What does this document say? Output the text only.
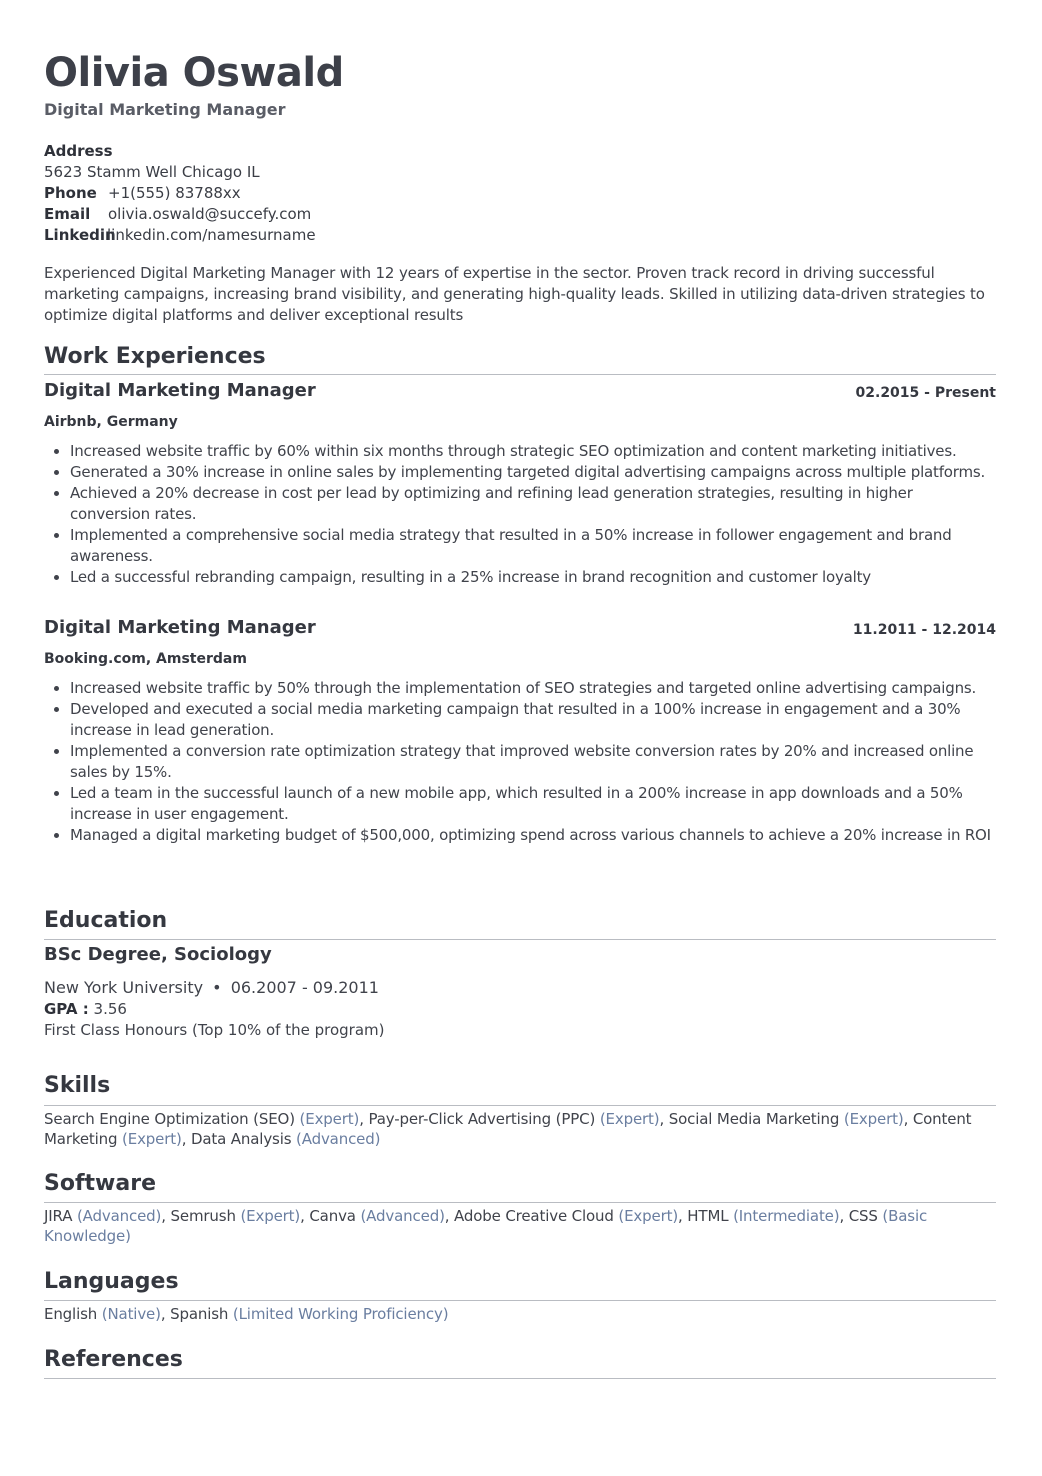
Olivia Oswald
Digital Marketing Manager
Address
5623 Stamm Well Chicago IL
Phone +1(555) 83788xx
Email olivia.oswald@succefy.com
Linkedinlinkedin.com/namesurname
Experienced Digital Marketing Manager with 12 years of expertise in the sector. Proven track record in driving successful marketing campaigns, increasing brand visibility, and generating high-quality leads. Skilled in utilizing data-driven strategies to optimize digital platforms and deliver exceptional results
Work Experiences
Digital Marketing Manager	02.2015 - Present
Airbnb, Germany
• Increased website traffic by 60% within six months through strategic SEO optimization and content marketing initiatives.
• Generated a 30% increase in online sales by implementing targeted digital advertising campaigns across multiple platforms.
• Achieved a 20% decrease in cost per lead by optimizing and refining lead generation strategies, resulting in higher conversion rates.
• Implemented a comprehensive social media strategy that resulted in a 50% increase in follower engagement and brand awareness.
• Led a successful rebranding campaign, resulting in a 25% increase in brand recognition and customer loyalty
Digital Marketing Manager	11.2011 - 12.2014
Booking.com, Amsterdam
• Increased website traffic by 50% through the implementation of SEO strategies and targeted online advertising campaigns.
• Developed and executed a social media marketing campaign that resulted in a 100% increase in engagement and a 30% increase in lead generation.
• Implemented a conversion rate optimization strategy that improved website conversion rates by 20% and increased online sales by 15%.
• Led a team in the successful launch of a new mobile app, which resulted in a 200% increase in app downloads and a 50% increase in user engagement.
• Managed a digital marketing budget of $500,000, optimizing spend across various channels to achieve a 20% increase in ROI
Education
BSc Degree, Sociology
New York University • 06.2007 - 09.2011
GPA : 3.56
First Class Honours (Top 10% of the program)
Skills
Search Engine Optimization (SEO) (Expert), Pay-per-Click Advertising (PPC) (Expert), Social Media Marketing (Expert), Content Marketing (Expert), Data Analysis (Advanced)
Software
JIRA (Advanced), Semrush (Expert), Canva (Advanced), Adobe Creative Cloud (Expert), HTML (Intermediate), CSS (Basic Knowledge)
Languages
English (Native), Spanish (Limited Working Proficiency)
References
